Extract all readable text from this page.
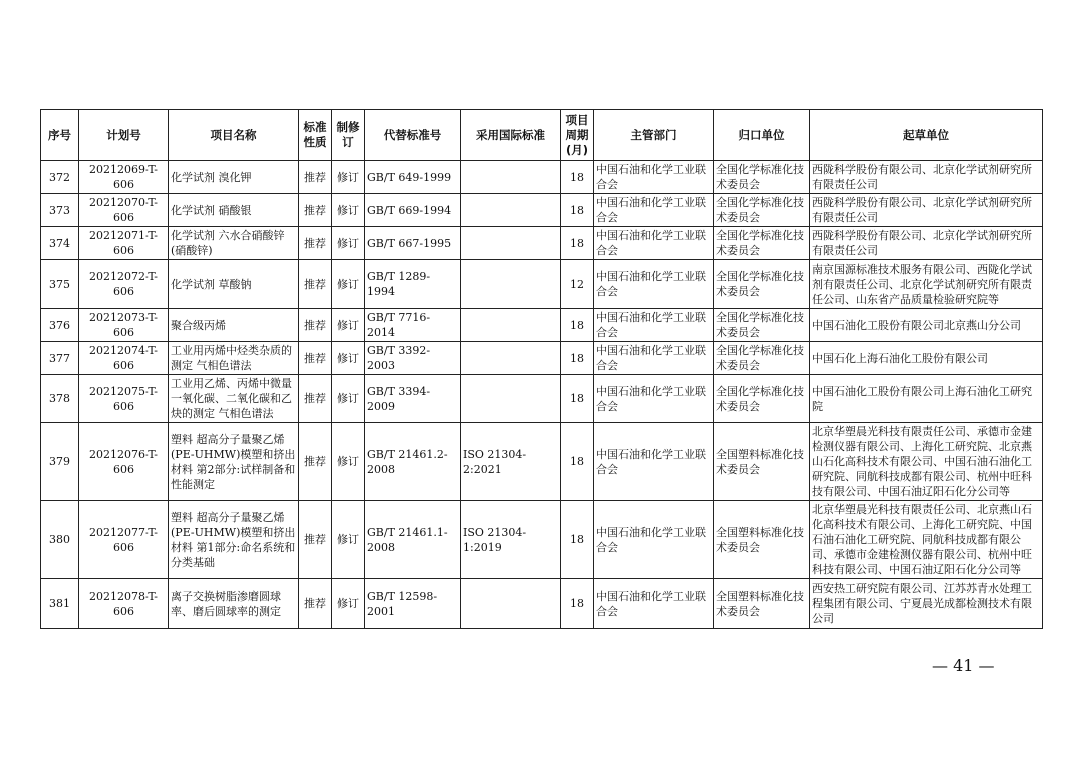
序号	计划号	项目名称	标准性质	制修订	代替标准号	采用国际标准	项目周期(月)	主管部门	归口单位	起草单位
372	20212069-T-606	化学试剂 溴化钾	推荐	修订	GB/T 649-1999		18	中国石油和化学工业联合会	全国化学标准化技术委员会	西陇科学股份有限公司、北京化学试剂研究所有限责任公司
373	20212070-T-606	化学试剂 硝酸银	推荐	修订	GB/T 669-1994		18	中国石油和化学工业联合会	全国化学标准化技术委员会	西陇科学股份有限公司、北京化学试剂研究所有限责任公司
374	20212071-T-606	化学试剂 六水合硝酸锌(硝酸锌)	推荐	修订	GB/T 667-1995		18	中国石油和化学工业联合会	全国化学标准化技术委员会	西陇科学股份有限公司、北京化学试剂研究所有限责任公司
375	20212072-T-606	化学试剂 草酸钠	推荐	修订	GB/T 1289-1994		12	中国石油和化学工业联合会	全国化学标准化技术委员会	南京国源标准技术服务有限公司、西陇化学试剂有限责任公司、北京化学试剂研究所有限责任公司、山东省产品质量检验研究院等
376	20212073-T-606	聚合级丙烯	推荐	修订	GB/T 7716-2014		18	中国石油和化学工业联合会	全国化学标准化技术委员会	中国石油化工股份有限公司北京燕山分公司
377	20212074-T-606	工业用丙烯中烃类杂质的测定 气相色谱法	推荐	修订	GB/T 3392-2003		18	中国石油和化学工业联合会	全国化学标准化技术委员会	中国石化上海石油化工股份有限公司
378	20212075-T-606	工业用乙烯、丙烯中微量一氧化碳、二氧化碳和乙炔的测定 气相色谱法	推荐	修订	GB/T 3394-2009		18	中国石油和化学工业联合会	全国化学标准化技术委员会	中国石油化工股份有限公司上海石油化工研究院
379	20212076-T-606	塑料 超高分子量聚乙烯(PE-UHMW)模塑和挤出材料 第2部分:试样制备和性能测定	推荐	修订	GB/T 21461.2-2008	ISO 21304-2:2021	18	中国石油和化学工业联合会	全国塑料标准化技术委员会	北京华塑晨光科技有限责任公司、承德市金建检测仪器有限公司、上海化工研究院、北京燕山石化高科技术有限公司、中国石油石油化工研究院、同航科技成都有限公司、杭州中旺科技有限公司、中国石油辽阳石化分公司等
380	20212077-T-606	塑料 超高分子量聚乙烯(PE-UHMW)模塑和挤出材料 第1部分:命名系统和分类基础	推荐	修订	GB/T 21461.1-2008	ISO 21304-1:2019	18	中国石油和化学工业联合会	全国塑料标准化技术委员会	北京华塑晨光科技有限责任公司、北京燕山石化高科技术有限公司、上海化工研究院、中国石油石油化工研究院、同航科技成都有限公司、承德市金建检测仪器有限公司、杭州中旺科技有限公司、中国石油辽阳石化分公司等
381	20212078-T-606	离子交换树脂渗磨圆球率、磨后圆球率的测定	推荐	修订	GB/T 12598-2001		18	中国石油和化学工业联合会	全国塑料标准化技术委员会	西安热工研究院有限公司、江苏苏青水处理工程集团有限公司、宁夏晨光成都检测技术有限公司
— 41 —
